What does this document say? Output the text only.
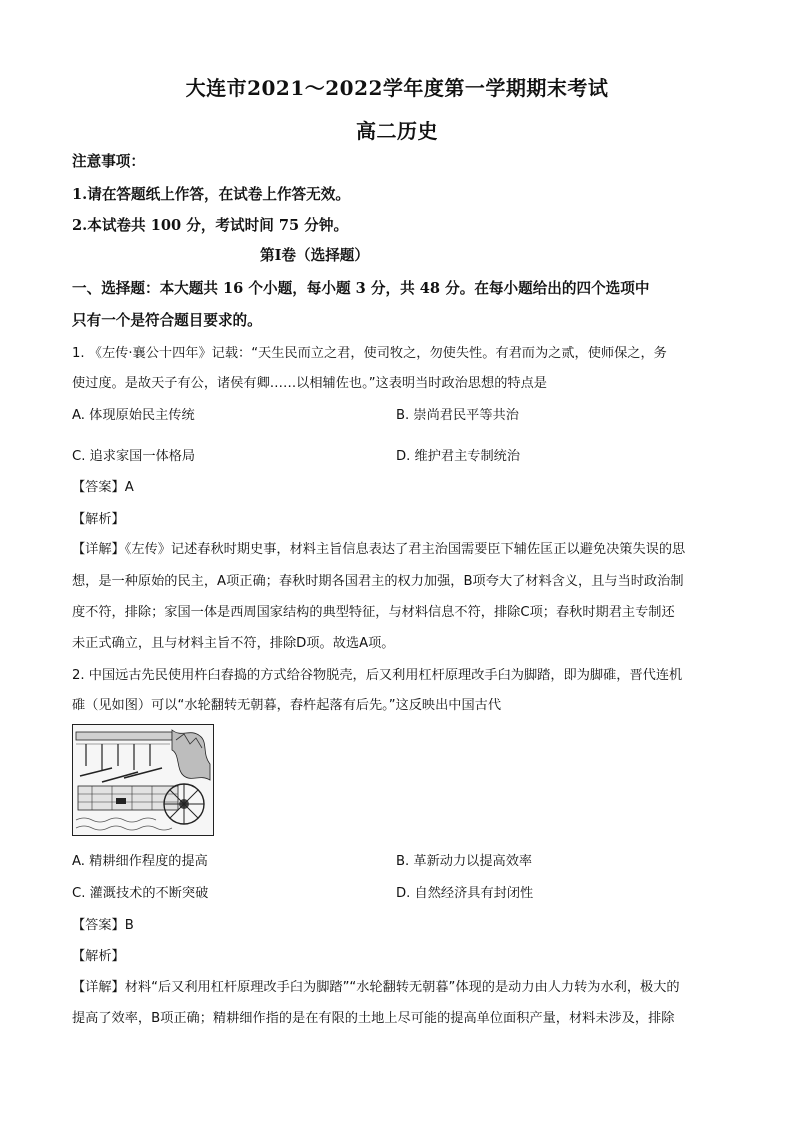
大连市2021～2022学年度第一学期期末考试
高二历史
注意事项：
1.请在答题纸上作答，在试卷上作答无效。
2.本试卷共 100 分，考试时间 75 分钟。
第Ⅰ卷（选择题）
一、选择题：本大题共 16 个小题，每小题 3 分，共 48 分。在每小题给出的四个选项中
只有一个是符合题目要求的。
1. 《左传·襄公十四年》记载：“天生民而立之君，使司牧之，勿使失性。有君而为之贰，使师保之，务
使过度。是故天子有公，诸侯有卿……以相辅佐也。”这表明当时政治思想的特点是
A. 体现原始民主传统	B. 崇尚君民平等共治
C. 追求家国一体格局	D. 维护君主专制统治
【答案】A
【解析】
【详解】《左传》记述春秋时期史事，材料主旨信息表达了君主治国需要臣下辅佐匡正以避免决策失误的思
想，是一种原始的民主，A项正确；春秋时期各国君主的权力加强，B项夸大了材料含义，且与当时政治制
度不符，排除；家国一体是西周国家结构的典型特征，与材料信息不符，排除C项；春秋时期君主专制还
未正式确立，且与材料主旨不符，排除D项。故选A项。
2. 中国远古先民使用杵臼舂捣的方式给谷物脱壳，后又利用杠杆原理改手臼为脚踏，即为脚碓，晋代连机
碓（见如图）可以“水轮翻转无朝暮，舂杵起落有后先。”这反映出中国古代
A. 精耕细作程度的提高	B. 革新动力以提高效率
C. 灌溉技术的不断突破	D. 自然经济具有封闭性
【答案】B
【解析】
【详解】材料“后又利用杠杆原理改手臼为脚踏”“水轮翻转无朝暮”体现的是动力由人力转为水利，极大的
提高了效率，B项正确；精耕细作指的是在有限的土地上尽可能的提高单位面积产量，材料未涉及，排除
